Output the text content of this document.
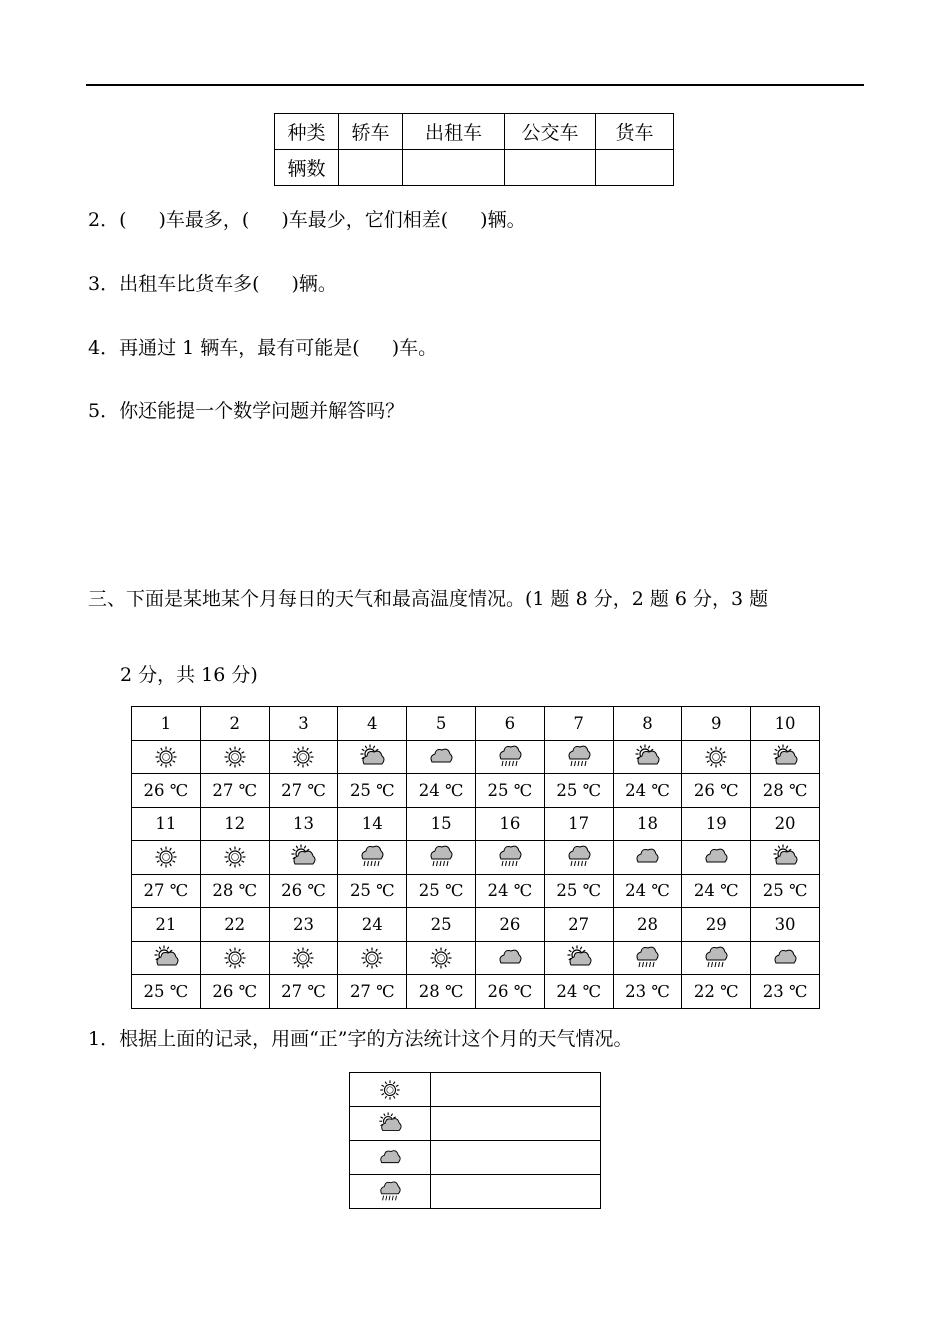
种类	轿车	出租车	公交车	货车
辆数				
2．( )车最多，( )车最少，它们相差( )辆。
3．出租车比货车多( )辆。
4．再通过 1 辆车，最有可能是( )车。
5．你还能提一个数学问题并解答吗？
三、下面是某地某个月每日的天气和最高温度情况。(1 题 8 分，2 题 6 分，3 题
2 分，共 16 分)
1	2	3	4	5	6	7	8	9	10

26 ℃	27 ℃	27 ℃	25 ℃	24 ℃	25 ℃	25 ℃	24 ℃	26 ℃	28 ℃
11	12	13	14	15	16	17	18	19	20

27 ℃	28 ℃	26 ℃	25 ℃	25 ℃	24 ℃	25 ℃	24 ℃	24 ℃	25 ℃
21	22	23	24	25	26	27	28	29	30

25 ℃	26 ℃	27 ℃	27 ℃	28 ℃	26 ℃	24 ℃	23 ℃	22 ℃	23 ℃
1．根据上面的记录，用画“正”字的方法统计这个月的天气情况。
